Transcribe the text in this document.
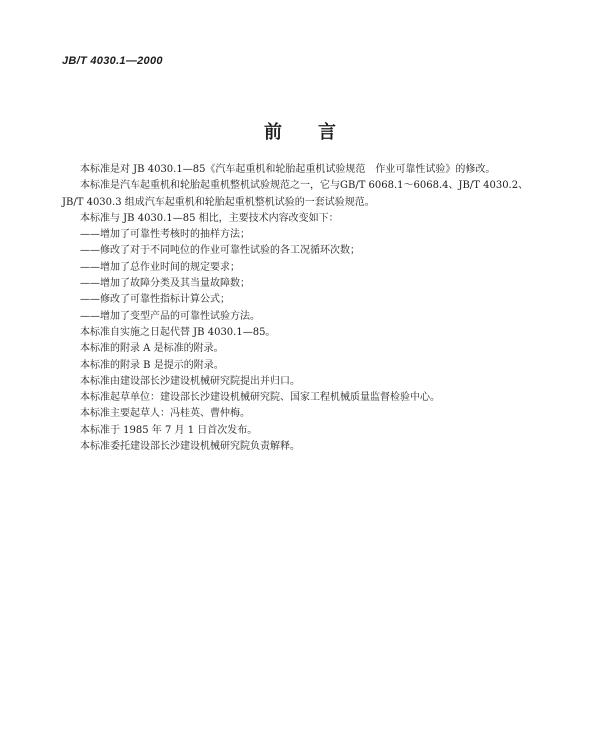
JB/T 4030.1—2000
前　　言
本标准是对 JB 4030.1—85《汽车起重机和轮胎起重机试验规范　作业可靠性试验》的修改。
本标准是汽车起重机和轮胎起重机整机试验规范之一，它与GB/T 6068.1～6068.4、JB/T 4030.2、
JB/T 4030.3 组成汽车起重机和轮胎起重机整机试验的一套试验规范。
本标准与 JB 4030.1—85 相比，主要技术内容改变如下：
——增加了可靠性考核时的抽样方法；
——修改了对于不同吨位的作业可靠性试验的各工况循环次数；
——增加了总作业时间的规定要求；
——增加了故障分类及其当量故障数；
——修改了可靠性指标计算公式；
——增加了变型产品的可靠性试验方法。
本标准自实施之日起代替 JB 4030.1—85。
本标准的附录 A 是标准的附录。
本标准的附录 B 是提示的附录。
本标准由建设部长沙建设机械研究院提出并归口。
本标准起草单位：建设部长沙建设机械研究院、国家工程机械质量监督检验中心。
本标准主要起草人：冯桂英、曹仲梅。
本标准于 1985 年 7 月 1 日首次发布。
本标准委托建设部长沙建设机械研究院负责解释。
